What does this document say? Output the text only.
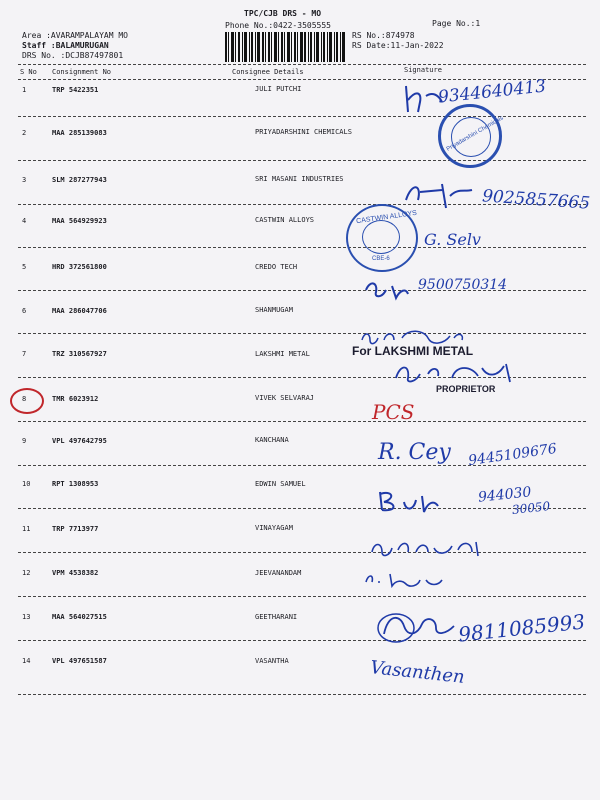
TPC/CJB DRS - MO
Phone No.:0422-3505555	Page No.:1
Area :AVARAMPALAYAM MO
Staff :BALAMURUGAN
DRS No. :DCJB87497801
RS No.:874978
RS Date:11-Jan-2022
S No Consignment No	Consignee Details	Signature
1	TRP 5422351	JULI PUTCHI
2	MAA 285139083	PRIYADARSHINI CHEMICALS
3	SLM 287277943	SRI MASANI INDUSTRIES
4	MAA 564929923	CASTWIN ALLOYS
5	HRD 372561800	CREDO TECH
6	MAA 286047706	SHANMUGAM
7	TRZ 310567927	LAKSHMI METAL
8	TMR 6023912	VIVEK SELVARAJ
9	VPL 497642795	KANCHANA
10	RPT 1308953	EDWIN SAMUEL
11	TRP 7713977	VINAYAGAM
12	VPM 4538382	JEEVANANDAM
13	MAA 564027515	GEETHARANI
14	VPL 497651587	VASANTHA
9344640413
Priyadarshini Chemicals
9025857665
CASTWIN ALLOYS
CBE-6
G. Selv
9500750314
For LAKSHMI METAL
PROPRIETOR
PCS
R. Cey 9445109676
944030
30050
9811085993
Vasanthen
